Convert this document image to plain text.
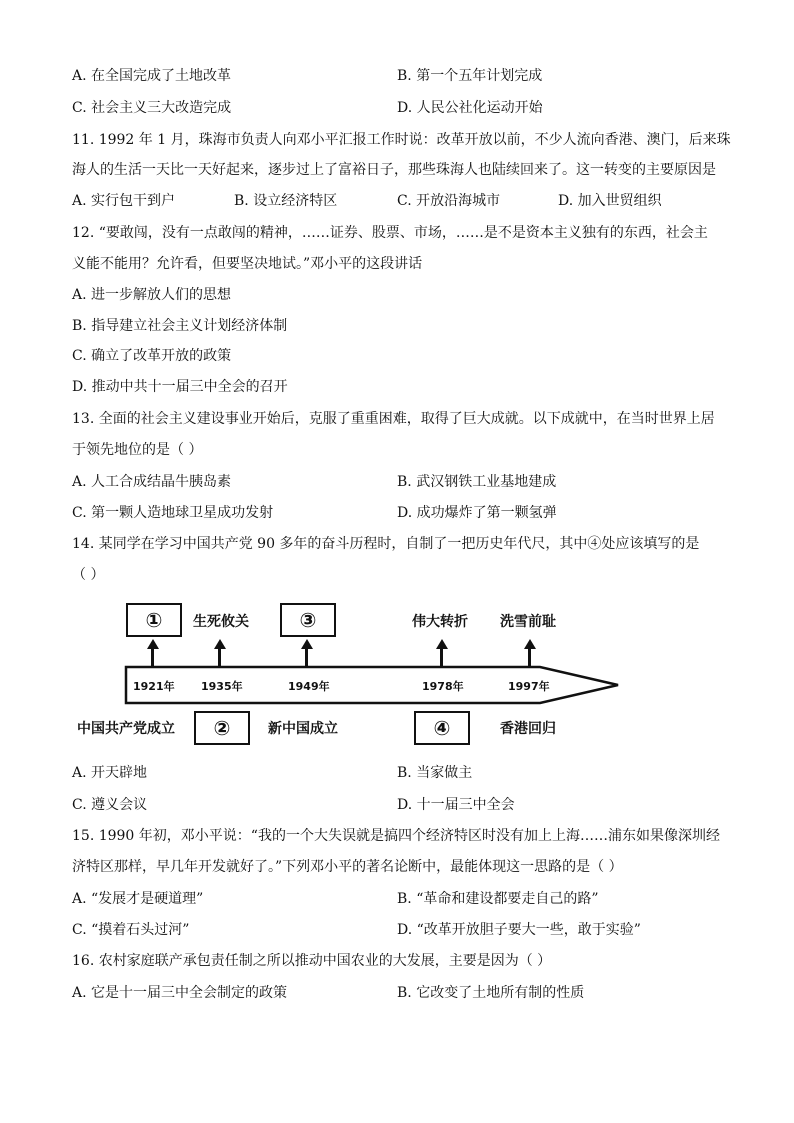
A. 在全国完成了土地改革	B. 第一个五年计划完成
C. 社会主义三大改造完成	D. 人民公社化运动开始
11. 1992 年 1 月，珠海市负责人向邓小平汇报工作时说：改革开放以前，不少人流向香港、澳门，后来珠
海人的生活一天比一天好起来，逐步过上了富裕日子，那些珠海人也陆续回来了。这一转变的主要原因是
A. 实行包干到户	B. 设立经济特区	C. 开放沿海城市	D. 加入世贸组织
12. “要敢闯，没有一点敢闯的精神，……证券、股票、市场，……是不是资本主义独有的东西，社会主
义能不能用？允许看，但要坚决地试。”邓小平的这段讲话
A. 进一步解放人们的思想
B. 指导建立社会主义计划经济体制
C. 确立了改革开放的政策
D. 推动中共十一届三中全会的召开
13. 全面的社会主义建设事业开始后，克服了重重困难，取得了巨大成就。以下成就中，在当时世界上居
于领先地位的是（ ）
A. 人工合成结晶牛胰岛素	B. 武汉钢铁工业基地建成
C. 第一颗人造地球卫星成功发射	D. 成功爆炸了第一颗氢弹
14. 某同学在学习中国共产党 90 多年的奋斗历程时，自制了一把历史年代尺，其中④处应该填写的是
（ ）
①	生死攸关	③	伟大转折 洗雪前耻
1921年 1935年	1949年	1978年	1997年
中国共产党成立	②	新中国成立	④	香港回归
A. 开天辟地	B. 当家做主
C. 遵义会议	D. 十一届三中全会
15. 1990 年初，邓小平说：“我的一个大失误就是搞四个经济特区时没有加上上海……浦东如果像深圳经
济特区那样，早几年开发就好了。”下列邓小平的著名论断中，最能体现这一思路的是（ ）
A. “发展才是硬道理”	B. “革命和建设都要走自己的路”
C. “摸着石头过河”	D. “改革开放胆子要大一些，敢于实验”
16. 农村家庭联产承包责任制之所以推动中国农业的大发展，主要是因为（ ）
A. 它是十一届三中全会制定的政策	B. 它改变了土地所有制的性质
